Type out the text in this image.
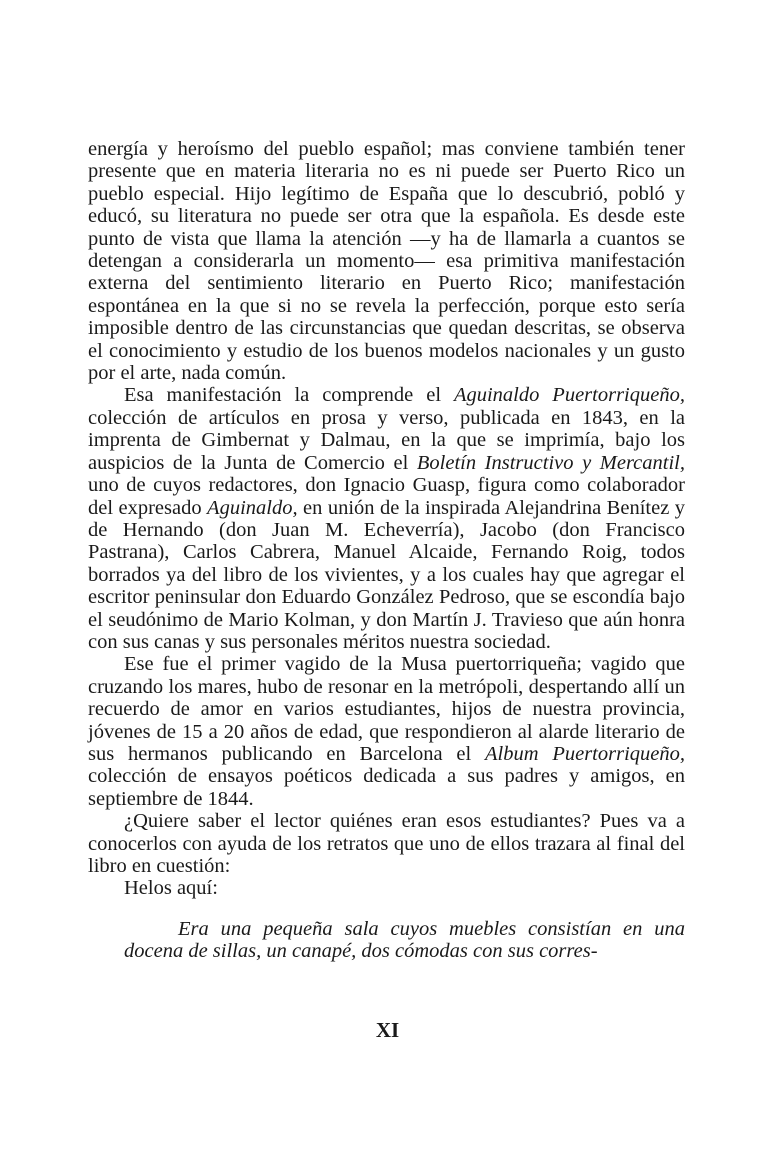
energía y heroísmo del pueblo español; mas conviene también tener presente que en materia literaria no es ni puede ser Puerto Rico un pueblo especial. Hijo legítimo de España que lo descubrió, pobló y educó, su literatura no puede ser otra que la española. Es desde este punto de vista que llama la atención —y ha de llamarla a cuantos se detengan a considerarla un momento— esa primitiva manifestación externa del sentimiento literario en Puerto Rico; manifestación espontánea en la que si no se revela la perfección, porque esto sería imposible dentro de las circunstancias que quedan descritas, se observa el conocimiento y estudio de los buenos modelos nacionales y un gusto por el arte, nada común.

Esa manifestación la comprende el Aguinaldo Puertorriqueño, colección de artículos en prosa y verso, publicada en 1843, en la imprenta de Gimbernat y Dalmau, en la que se imprimía, bajo los auspicios de la Junta de Comercio el Boletín Instructivo y Mercantil, uno de cuyos redactores, don Ignacio Guasp, figura como colaborador del expresado Aguinaldo, en unión de la inspirada Alejandrina Benítez y de Hernando (don Juan M. Echeverría), Jacobo (don Francisco Pastrana), Carlos Cabrera, Manuel Alcaide, Fernando Roig, todos borrados ya del libro de los vivientes, y a los cuales hay que agregar el escritor peninsular don Eduardo González Pedroso, que se escondía bajo el seudónimo de Mario Kolman, y don Martín J. Travieso que aún honra con sus canas y sus personales méritos nuestra sociedad.

Ese fue el primer vagido de la Musa puertorriqueña; vagido que cruzando los mares, hubo de resonar en la metrópoli, despertando allí un recuerdo de amor en varios estudiantes, hijos de nuestra provincia, jóvenes de 15 a 20 años de edad, que respondieron al alarde literario de sus hermanos publicando en Barcelona el Album Puertorriqueño, colección de ensayos poéticos dedicada a sus padres y amigos, en septiembre de 1844.

¿Quiere saber el lector quiénes eran esos estudiantes? Pues va a conocerlos con ayuda de los retratos que uno de ellos trazara al final del libro en cuestión:

Helos aquí:

Era una pequeña sala cuyos muebles consistían en una docena de sillas, un canapé, dos cómodas con sus corres-

XI
